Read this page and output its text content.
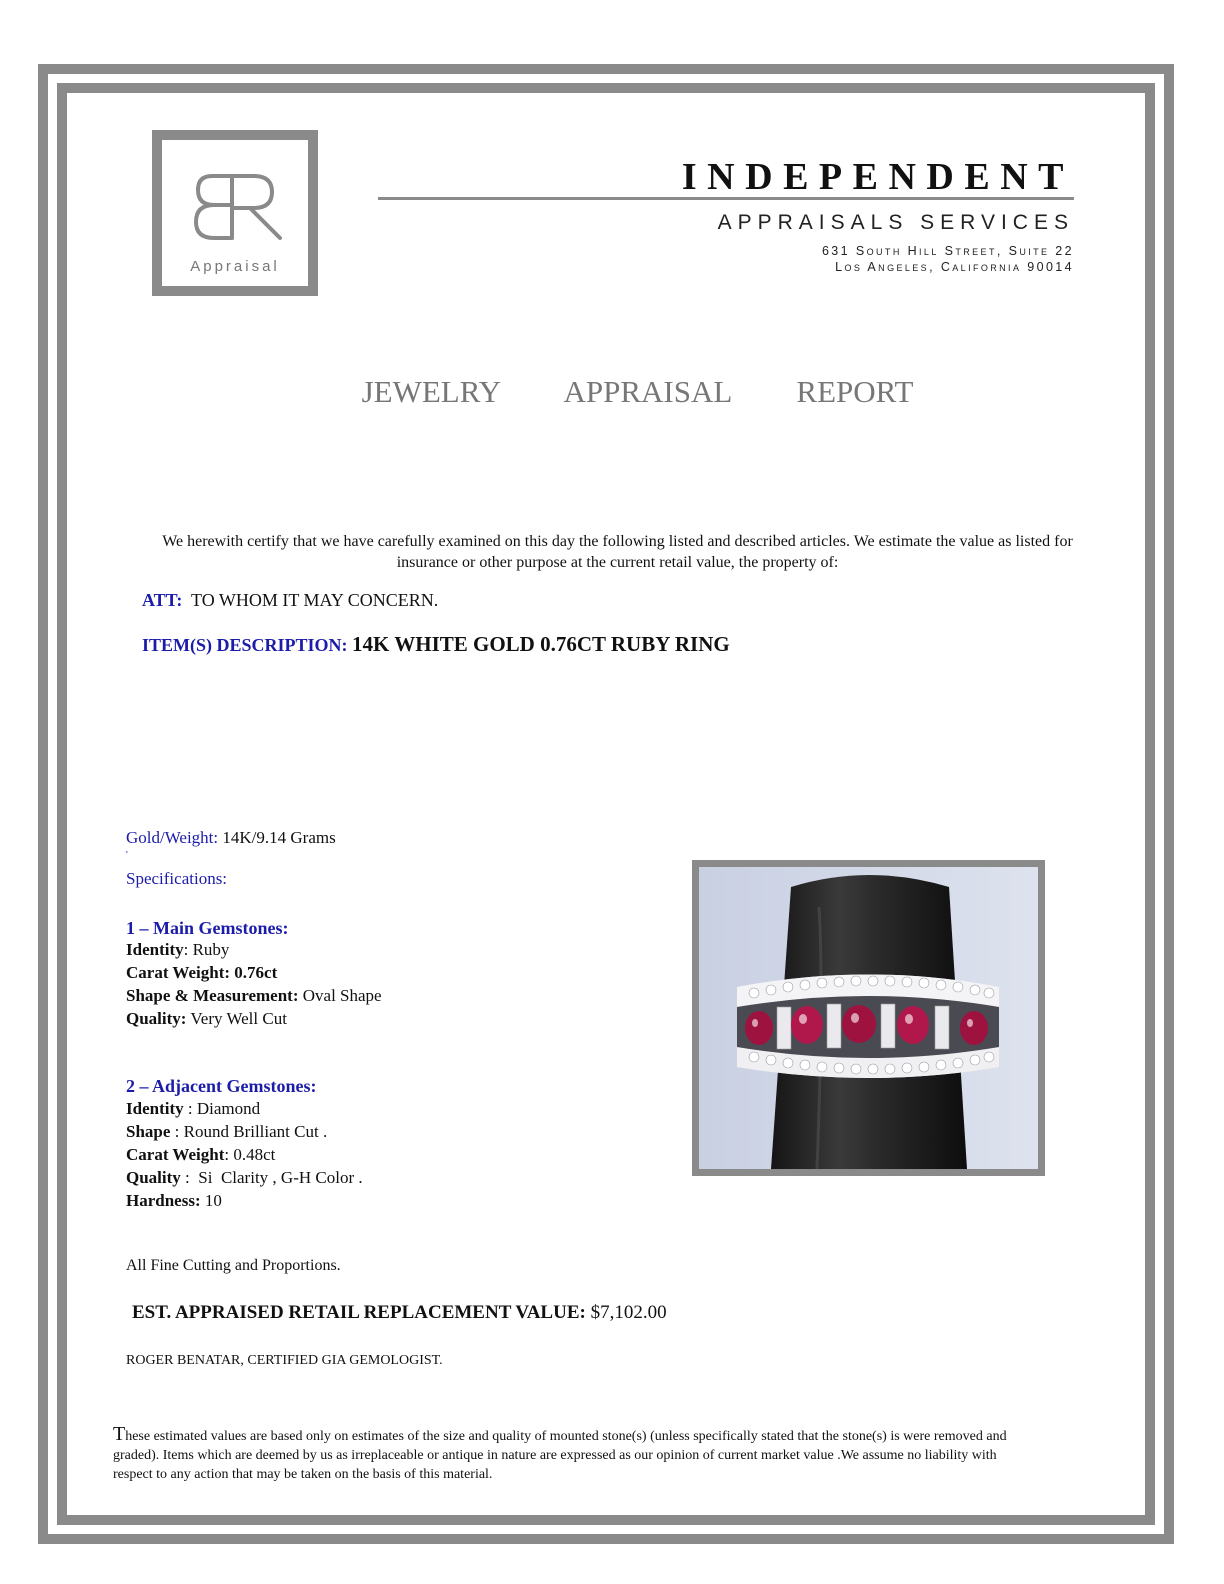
Appraisal
INDEPENDENT
APPRAISALS SERVICES
631 South Hill Street, Suite 22
Los Angeles, California 90014
JEWELRY   APPRAISAL   REPORT
We herewith certify that we have carefully examined on this day the following listed and described articles. We estimate the value as listed for insurance or other purpose at the current retail value, the property of:
ATT: TO WHOM IT MAY CONCERN.
ITEM(S) DESCRIPTION: 14K WHITE GOLD 0.76CT RUBY RING
Gold/Weight: 14K/9.14 Grams
'
Specifications:
1 – Main Gemstones:
Identity: Ruby
Carat Weight: 0.76ct
Shape & Measurement: Oval Shape
Quality: Very Well Cut
2 – Adjacent Gemstones:
Identity : Diamond
Shape : Round Brilliant Cut .
Carat Weight: 0.48ct
Quality :  Si  Clarity , G-H Color .
Hardness: 10
All Fine Cutting and Proportions.
EST. APPRAISED RETAIL REPLACEMENT VALUE: $7,102.00
ROGER BENATAR, CERTIFIED GIA GEMOLOGIST.
These estimated values are based only on estimates of the size and quality of mounted stone(s) (unless specifically stated that the stone(s) is were removed and graded). Items which are deemed by us as irreplaceable or antique in nature are expressed as our opinion of current market value .We assume no liability with respect to any action that may be taken on the basis of this material.
